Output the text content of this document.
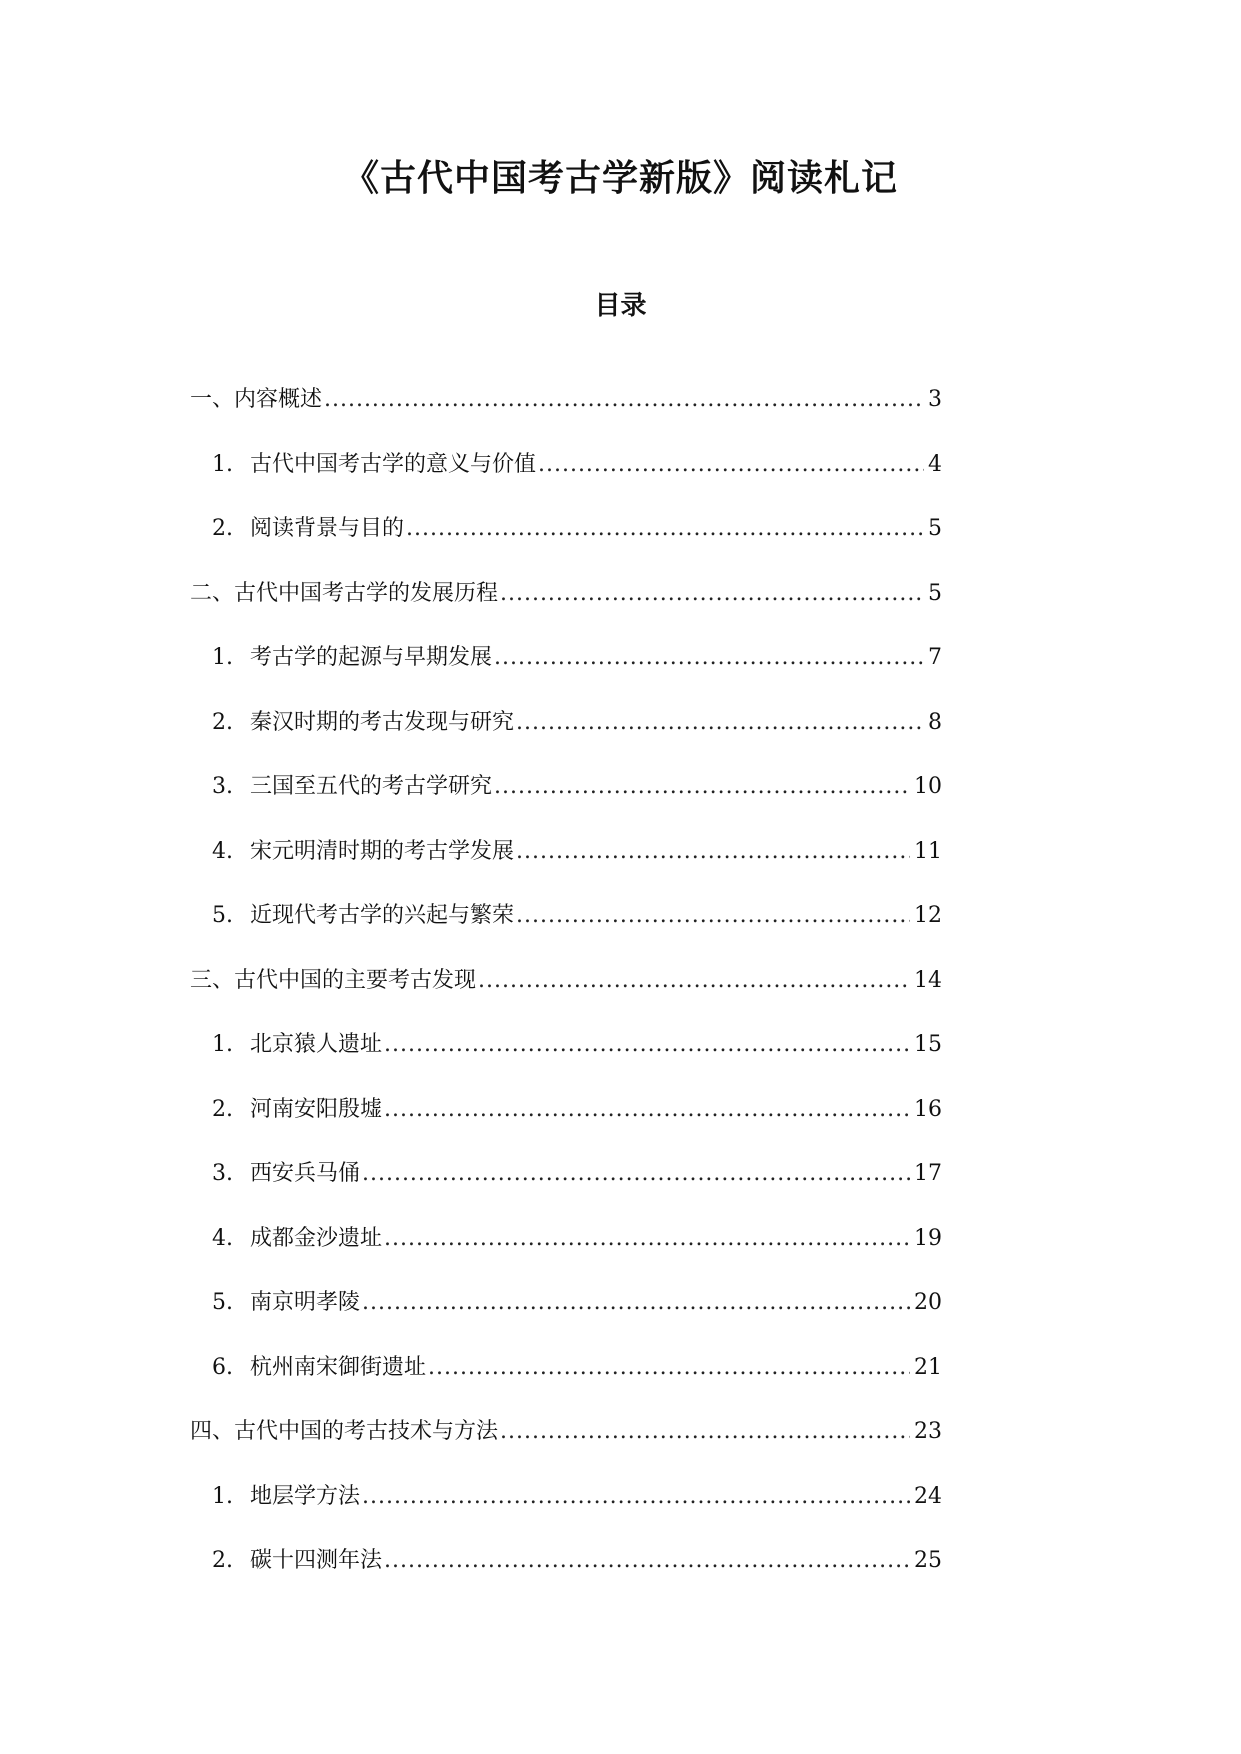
《古代中国考古学新版》阅读札记
目录
一、内容概述 . . .	3
1. 古代中国考古学的意义与价值 . . .	4
2. 阅读背景与目的 . . .	5
二、古代中国考古学的发展历程 . . .	5
1. 考古学的起源与早期发展 . . .	7
2. 秦汉时期的考古发现与研究 . . .	8
3. 三国至五代的考古学研究 . . .	10
4. 宋元明清时期的考古学发展 . . .	11
5. 近现代考古学的兴起与繁荣 . . .	12
三、古代中国的主要考古发现 . . .	14
1. 北京猿人遗址 . . .	15
2. 河南安阳殷墟 . . .	16
3. 西安兵马俑 . . .	17
4. 成都金沙遗址 . . .	19
5. 南京明孝陵 . . .	20
6. 杭州南宋御街遗址 . . .	21
四、古代中国的考古技术与方法 . . .	23
1. 地层学方法 . . .	24
2. 碳十四测年法 . . .	25
